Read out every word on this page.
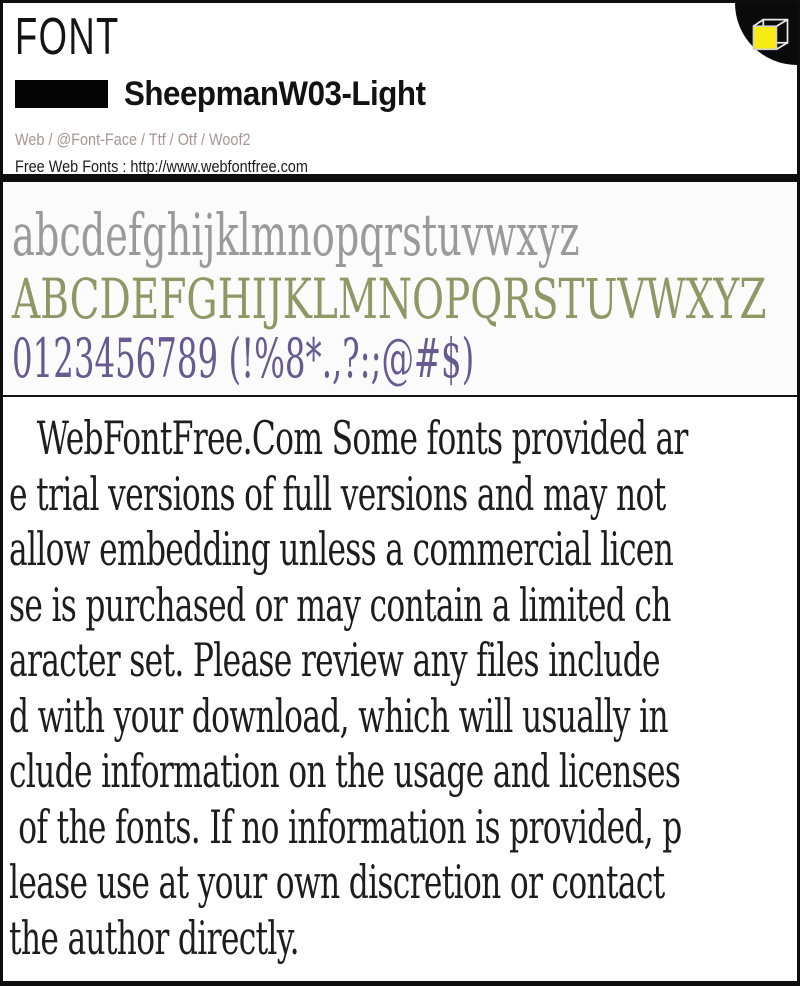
FONT
SheepmanW03-Light
Web / @Font-Face / Ttf / Otf / Woof2
Free Web Fonts : http://www.webfontfree.com
abcdefghijklmnopqrstuvwxyz
ABCDEFGHIJKLMNOPQRSTUVWXYZ
0123456789 (!%8*.,?:;@#$)
WebFontFree.Com Some fonts provided ar
e trial versions of full versions and may not
allow embedding unless a commercial licen
se is purchased or may contain a limited ch
aracter set. Please review any files include
d with your download, which will usually in
clude information on the usage and licenses
of the fonts. If no information is provided, p
lease use at your own discretion or contact
the author directly.
